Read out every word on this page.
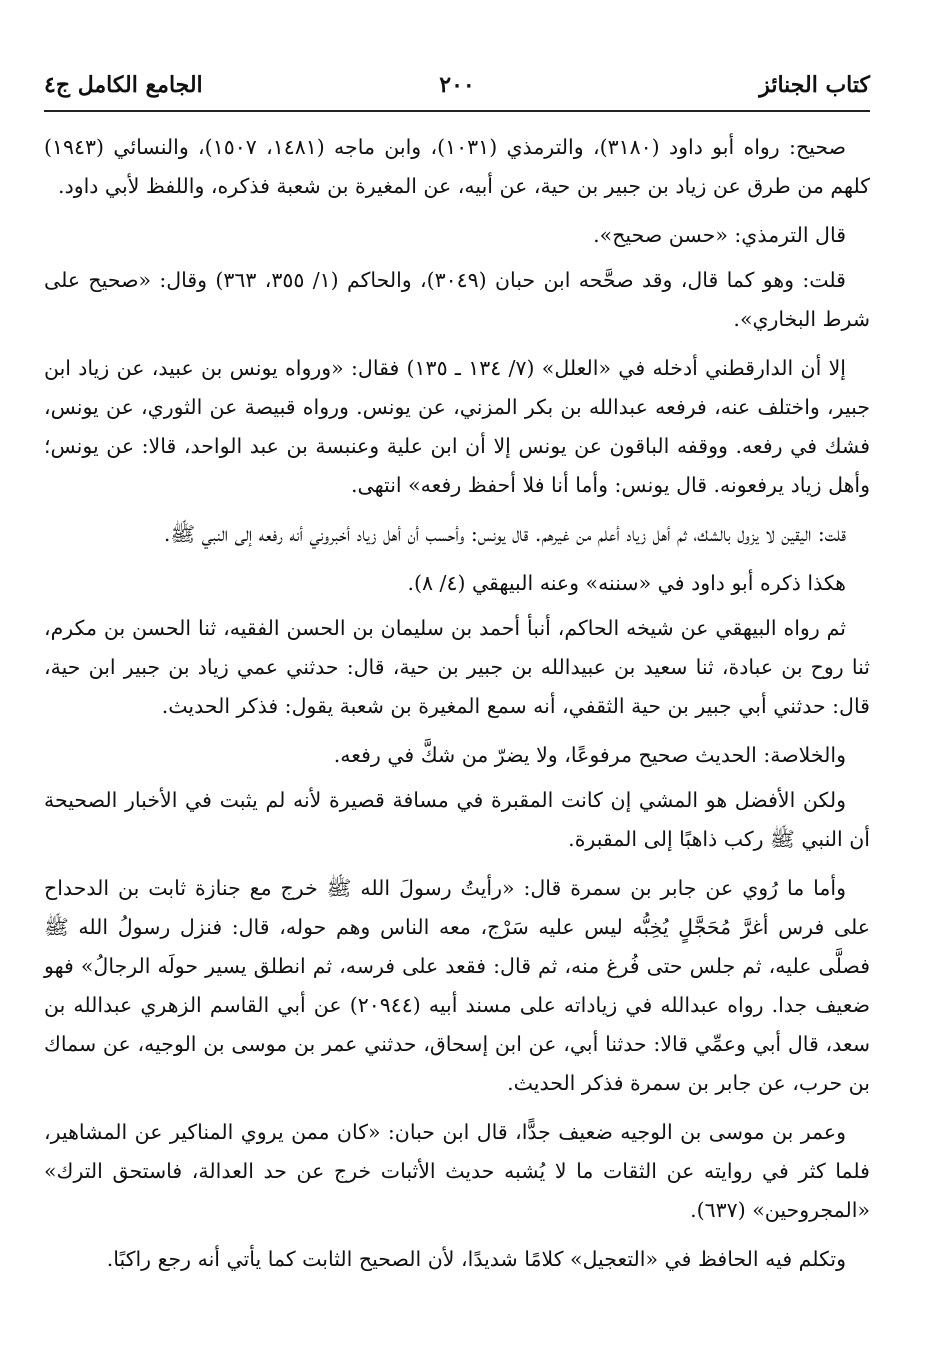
كتاب الجنائز
٢٠٠
الجامع الكامل ج٤

صحيح: رواه أبو داود (٣١٨٠)، والترمذي (١٠٣١)، وابن ماجه (١٤٨١، ١٥٠٧)، والنسائي (١٩٤٣) كلهم من طرق عن زياد بن جبير بن حية، عن أبيه، عن المغيرة بن شعبة فذكره، واللفظ لأبي داود.

قال الترمذي: «حسن صحيح».

قلت: وهو كما قال، وقد صحَّحه ابن حبان (٣٠٤٩)، والحاكم (١/ ٣٥٥، ٣٦٣) وقال: «صحيح على شرط البخاري».

إلا أن الدارقطني أدخله في «العلل» (٧/ ١٣٤ ـ ١٣٥) فقال: «ورواه يونس بن عبيد، عن زياد ابن جبير، واختلف عنه، فرفعه عبدالله بن بكر المزني، عن يونس. ورواه قبيصة عن الثوري، عن يونس، فشك في رفعه. ووقفه الباقون عن يونس إلا أن ابن علية وعنبسة بن عبد الواحد، قالا: عن يونس؛ وأهل زياد يرفعونه. قال يونس: وأما أنا فلا أحفظ رفعه» انتهى.

قلت: اليقين لا يزول بالشك، ثم أهل زياد أعلم من غيرهم. قال يونس: وأحسب أن أهل زياد أخبروني أنه رفعه إلى النبي ﷺ.

هكذا ذكره أبو داود في «سننه» وعنه البيهقي (٤/ ٨).

ثم رواه البيهقي عن شيخه الحاكم، أنبأ أحمد بن سليمان بن الحسن الفقيه، ثنا الحسن بن مكرم، ثنا روح بن عبادة، ثنا سعيد بن عبيدالله بن جبير بن حية، قال: حدثني عمي زياد بن جبير ابن حية، قال: حدثني أبي جبير بن حية الثقفي، أنه سمع المغيرة بن شعبة يقول: فذكر الحديث.

والخلاصة: الحديث صحيح مرفوعًا، ولا يضرّ من شكَّ في رفعه.

ولكن الأفضل هو المشي إن كانت المقبرة في مسافة قصيرة لأنه لم يثبت في الأخبار الصحيحة أن النبي ﷺ ركب ذاهبًا إلى المقبرة.

وأما ما رُوي عن جابر بن سمرة قال: «رأيتُ رسولَ الله ﷺ خرج مع جنازة ثابت بن الدحداح على فرس أغرَّ مُحَجَّلٍ يُخِبُّه ليس عليه سَرْج، معه الناس وهم حوله، قال: فنزل رسولُ الله ﷺ فصلَّى عليه، ثم جلس حتى فُرغ منه، ثم قال: فقعد على فرسه، ثم انطلق يسير حولَه الرجالُ» فهو ضعيف جدا. رواه عبدالله في زياداته على مسند أبيه (٢٠٩٤٤) عن أبي القاسم الزهري عبدالله بن سعد، قال أبي وعمِّي قالا: حدثنا أبي، عن ابن إسحاق، حدثني عمر بن موسى بن الوجيه، عن سماك بن حرب، عن جابر بن سمرة فذكر الحديث.

وعمر بن موسى بن الوجيه ضعيف جدًّا، قال ابن حبان: «كان ممن يروي المناكير عن المشاهير، فلما كثر في روايته عن الثقات ما لا يُشبه حديث الأثبات خرج عن حد العدالة، فاستحق الترك» «المجروحين» (٦٣٧).

وتكلم فيه الحافظ في «التعجيل» كلامًا شديدًا، لأن الصحيح الثابت كما يأتي أنه رجع راكبًا.
